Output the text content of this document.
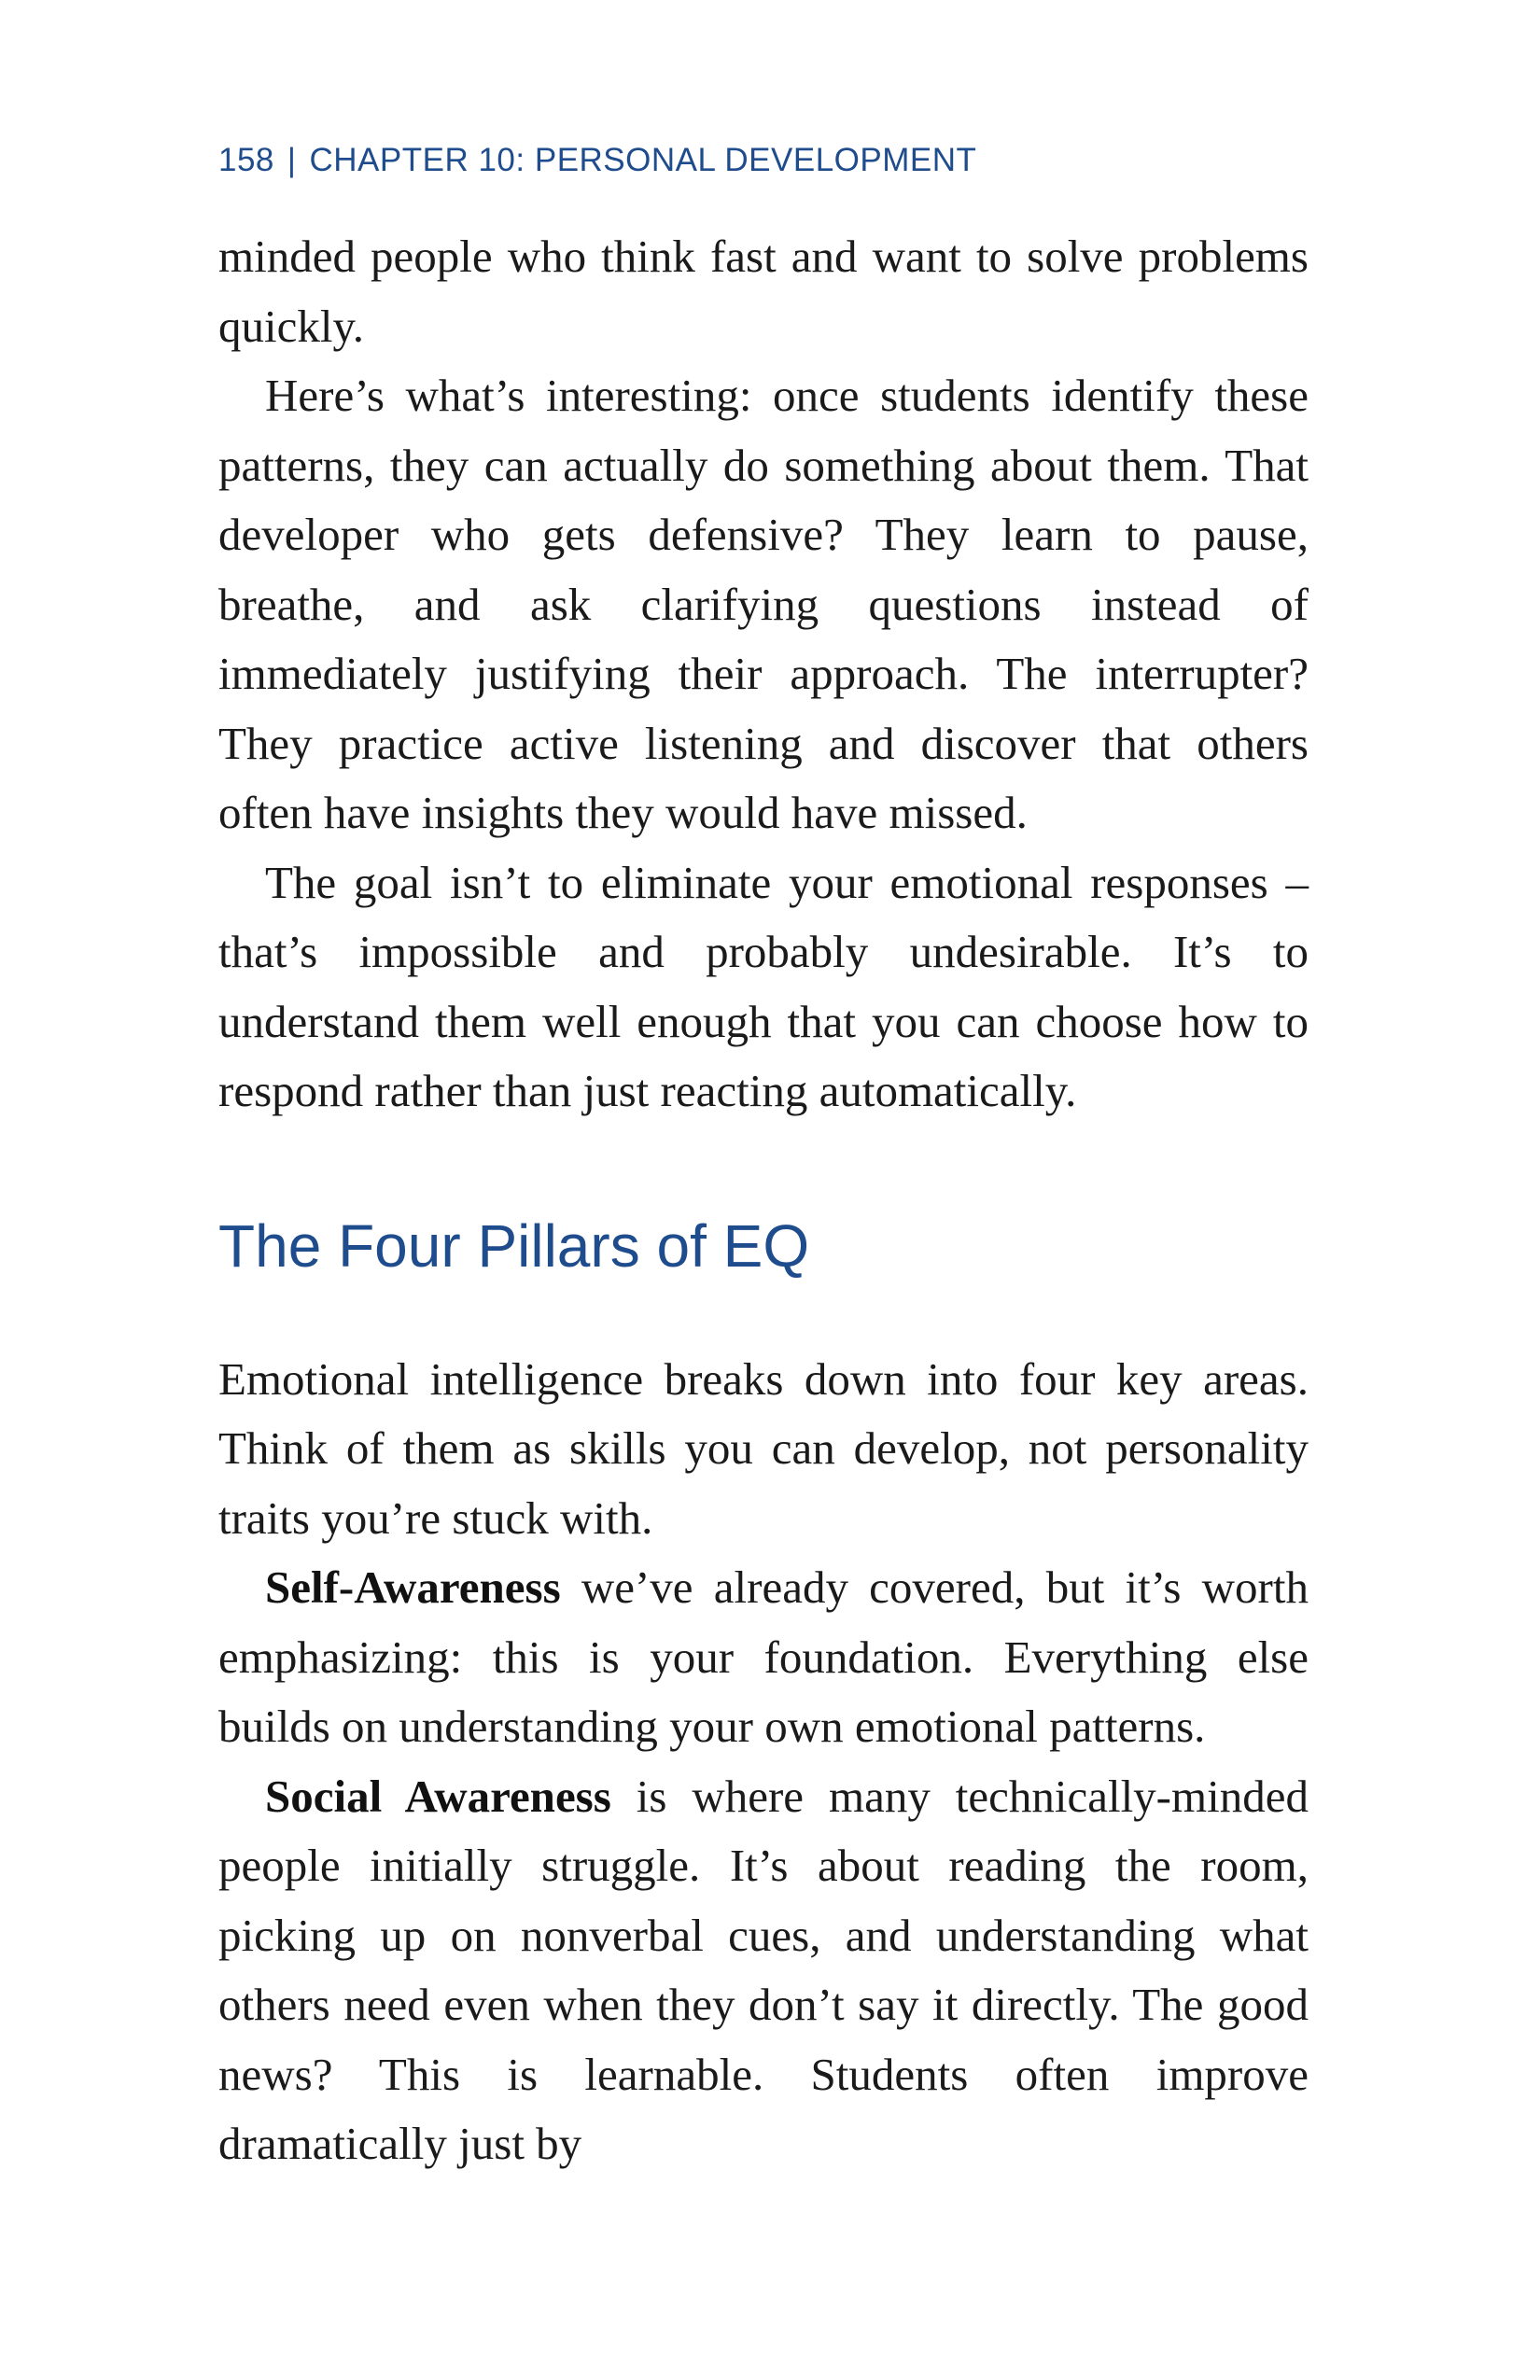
158 | CHAPTER 10: PERSONAL DEVELOPMENT

minded people who think fast and want to solve problems quickly.

Here’s what’s interesting: once students identify these patterns, they can actually do something about them. That developer who gets defensive? They learn to pause, breathe, and ask clarifying questions instead of immediately justifying their approach. The interrupter? They practice active listening and discover that others often have insights they would have missed.

The goal isn’t to eliminate your emotional responses – that’s impossible and probably undesirable. It’s to understand them well enough that you can choose how to respond rather than just reacting automatically.

The Four Pillars of EQ

Emotional intelligence breaks down into four key areas. Think of them as skills you can develop, not personality traits you’re stuck with.

Self-Awareness we’ve already covered, but it’s worth emphasizing: this is your foundation. Everything else builds on understanding your own emotional patterns.

Social Awareness is where many technically-minded people initially struggle. It’s about reading the room, picking up on nonverbal cues, and understanding what others need even when they don’t say it directly. The good news? This is learnable. Students often improve dramatically just by
